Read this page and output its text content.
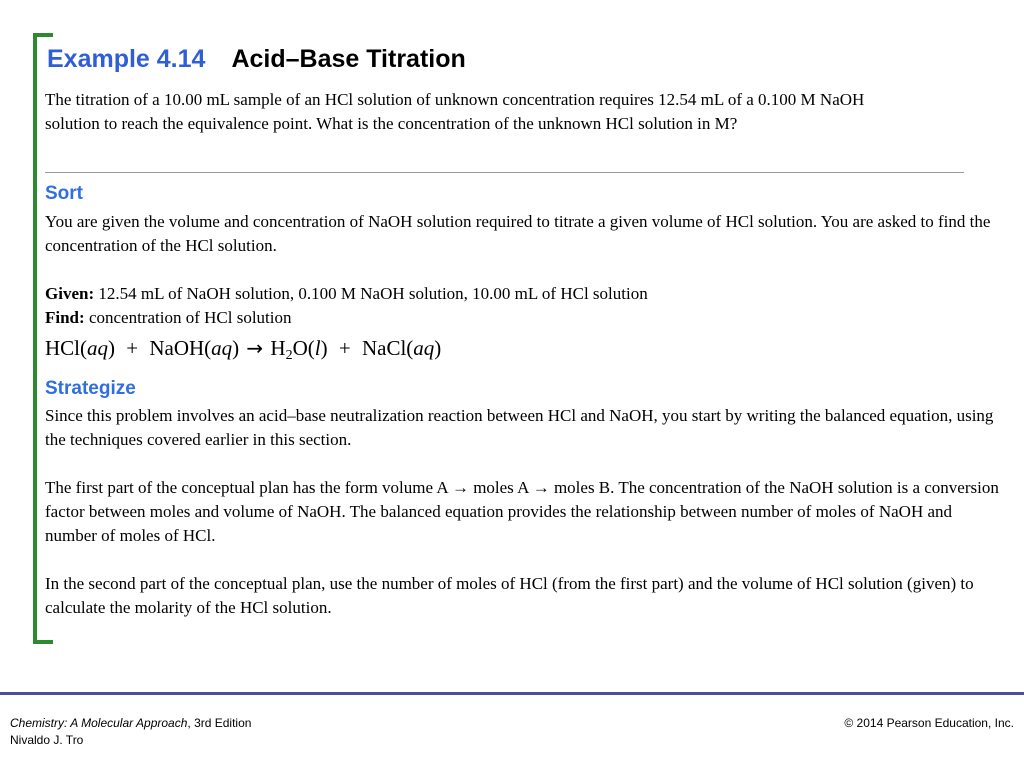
Example 4.14 Acid–Base Titration
The titration of a 10.00 mL sample of an HCl solution of unknown concentration requires 12.54 mL of a 0.100 M NaOH solution to reach the equivalence point. What is the concentration of the unknown HCl solution in M?
Sort
You are given the volume and concentration of NaOH solution required to titrate a given volume of HCl solution. You are asked to find the concentration of the HCl solution.
Given: 12.54 mL of NaOH solution, 0.100 M NaOH solution, 10.00 mL of HCl solution
Find: concentration of HCl solution
HCl(aq) + NaOH(aq) → $H_2O(l)$ + NaCl(aq)
Strategize
Since this problem involves an acid–base neutralization reaction between HCl and NaOH, you start by writing the balanced equation, using the techniques covered earlier in this section.
The first part of the conceptual plan has the form volume A → moles A → moles B. The concentration of the NaOH solution is a conversion factor between moles and volume of NaOH. The balanced equation provides the relationship between number of moles of NaOH and number of moles of HCl.
In the second part of the conceptual plan, use the number of moles of HCl (from the first part) and the volume of HCl solution (given) to calculate the molarity of the HCl solution.
Chemistry: A Molecular Approach, 3rd Edition
Nivaldo J. Tro
© 2014 Pearson Education, Inc.
